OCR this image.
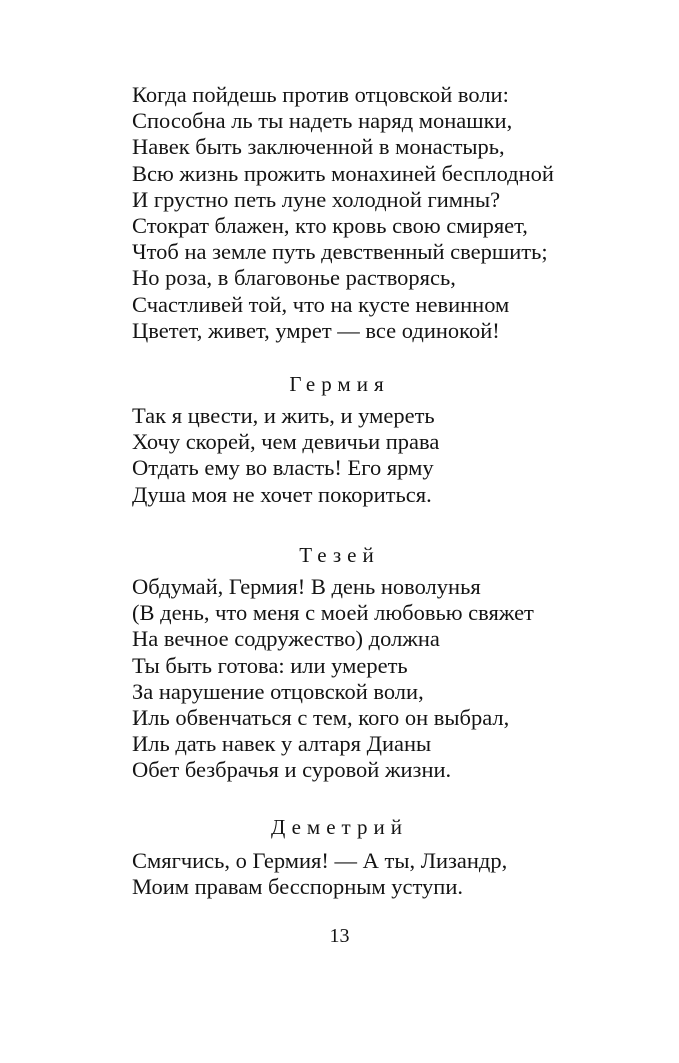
Когда пойдешь против отцовской воли:
Способна ль ты надеть наряд монашки,
Навек быть заключенной в монастырь,
Всю жизнь прожить монахиней бесплодной
И грустно петь луне холодной гимны?
Стократ блажен, кто кровь свою смиряет,
Чтоб на земле путь девственный свершить;
Но роза, в благовонье растворясь,
Счастливей той, что на кусте невинном
Цветет, живет, умрет — все одинокой!
Гермия
Так я цвести, и жить, и умереть
Хочу скорей, чем девичьи права
Отдать ему во власть! Его ярму
Душа моя не хочет покориться.
Тезей
Обдумай, Гермия! В день новолунья
(В день, что меня с моей любовью свяжет
На вечное содружество) должна
Ты быть готова: или умереть
За нарушение отцовской воли,
Иль обвенчаться с тем, кого он выбрал,
Иль дать навек у алтаря Дианы
Обет безбрачья и суровой жизни.
Деметрий
Смягчись, о Гермия! — А ты, Лизандр,
Моим правам бесспорным уступи.
13
